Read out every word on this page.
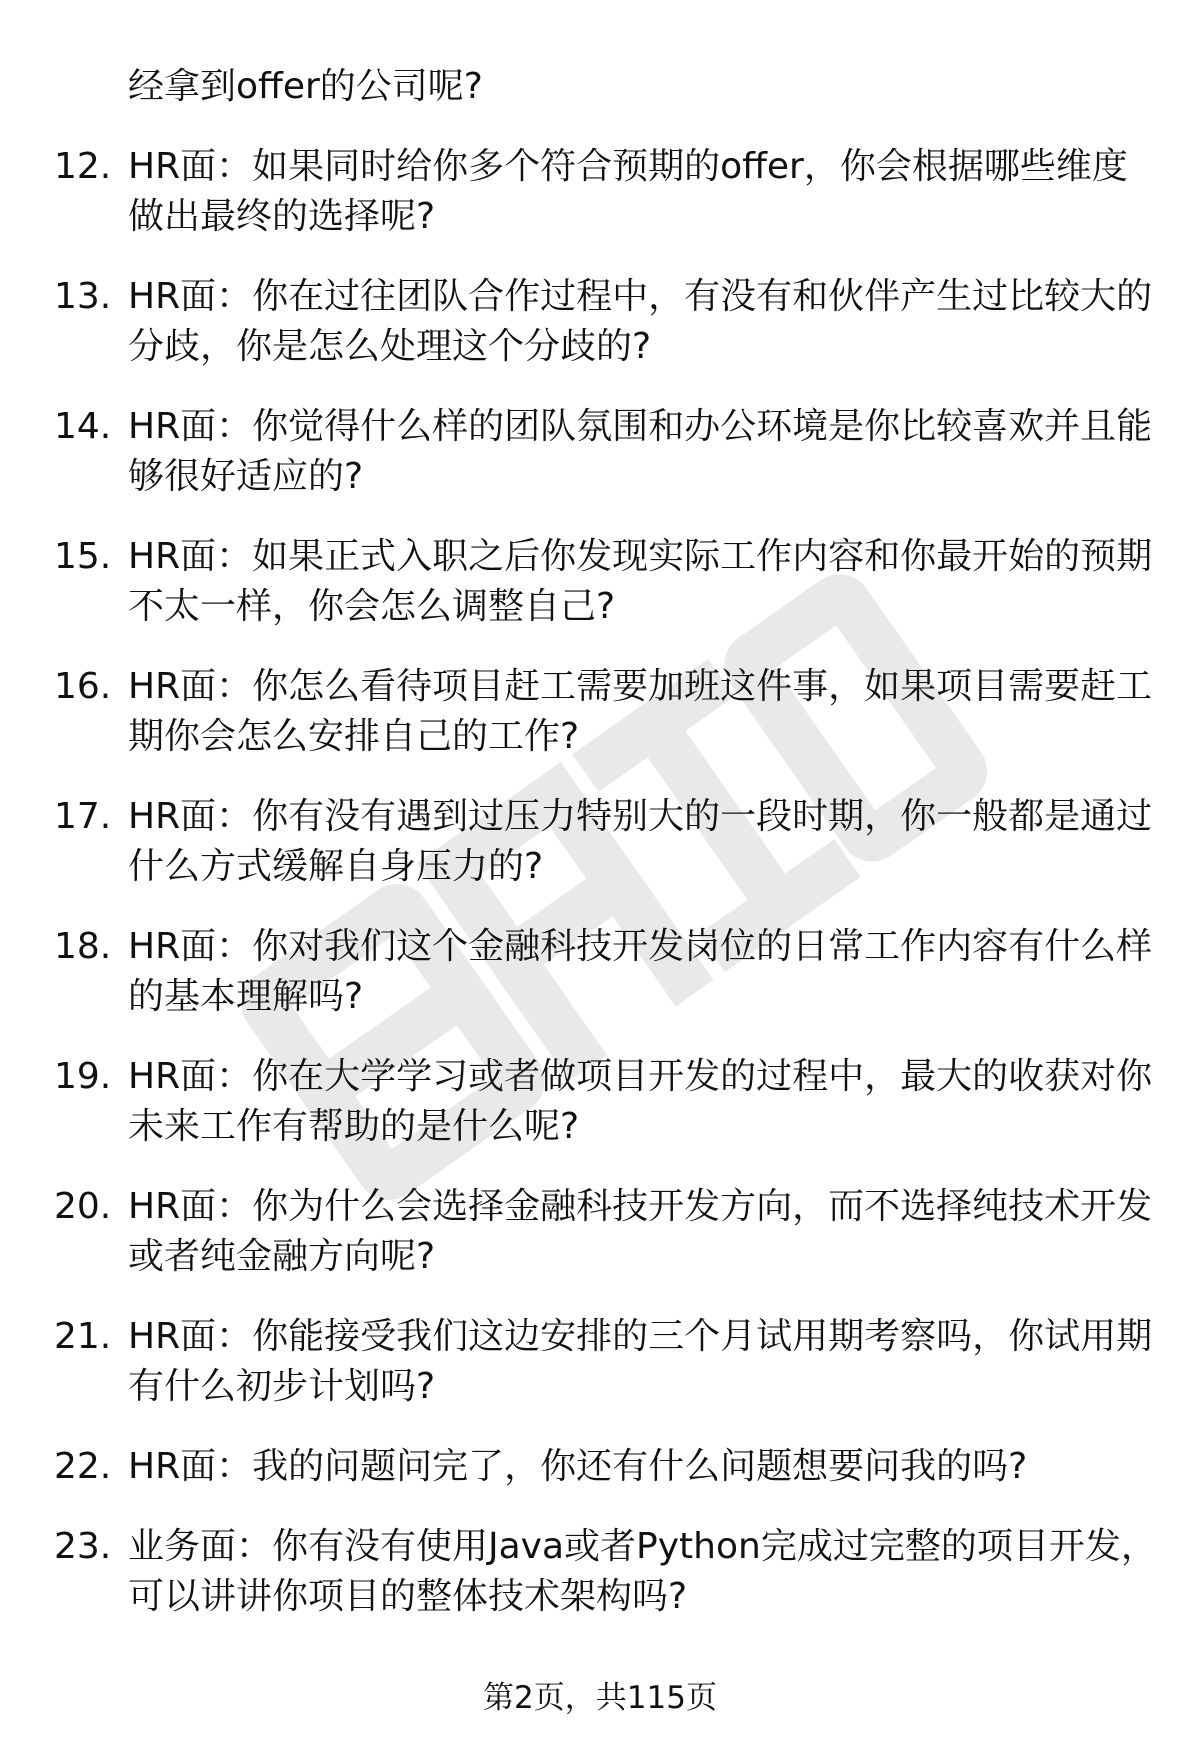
经拿到offer的公司呢?
12. HR面：如果同时给你多个符合预期的offer，你会根据哪些维度
做出最终的选择呢?
13. HR面：你在过往团队合作过程中，有没有和伙伴产生过比较大的
分歧，你是怎么处理这个分歧的?
14. HR面：你觉得什么样的团队氛围和办公环境是你比较喜欢并且能
够很好适应的?
15. HR面：如果正式入职之后你发现实际工作内容和你最开始的预期
不太一样，你会怎么调整自己?
16. HR面：你怎么看待项目赶工需要加班这件事，如果项目需要赶工
期你会怎么安排自己的工作?
17. HR面：你有没有遇到过压力特别大的一段时期，你一般都是通过
什么方式缓解自身压力的?
18. HR面：你对我们这个金融科技开发岗位的日常工作内容有什么样
的基本理解吗?
19. HR面：你在大学学习或者做项目开发的过程中，最大的收获对你
未来工作有帮助的是什么呢?
20. HR面：你为什么会选择金融科技开发方向，而不选择纯技术开发
或者纯金融方向呢?
21. HR面：你能接受我们这边安排的三个月试用期考察吗，你试用期
有什么初步计划吗?
22. HR面：我的问题问完了，你还有什么问题想要问我的吗?
23. 业务面：你有没有使用Java或者Python完成过完整的项目开发，
可以讲讲你项目的整体技术架构吗?
第2页，共115页
